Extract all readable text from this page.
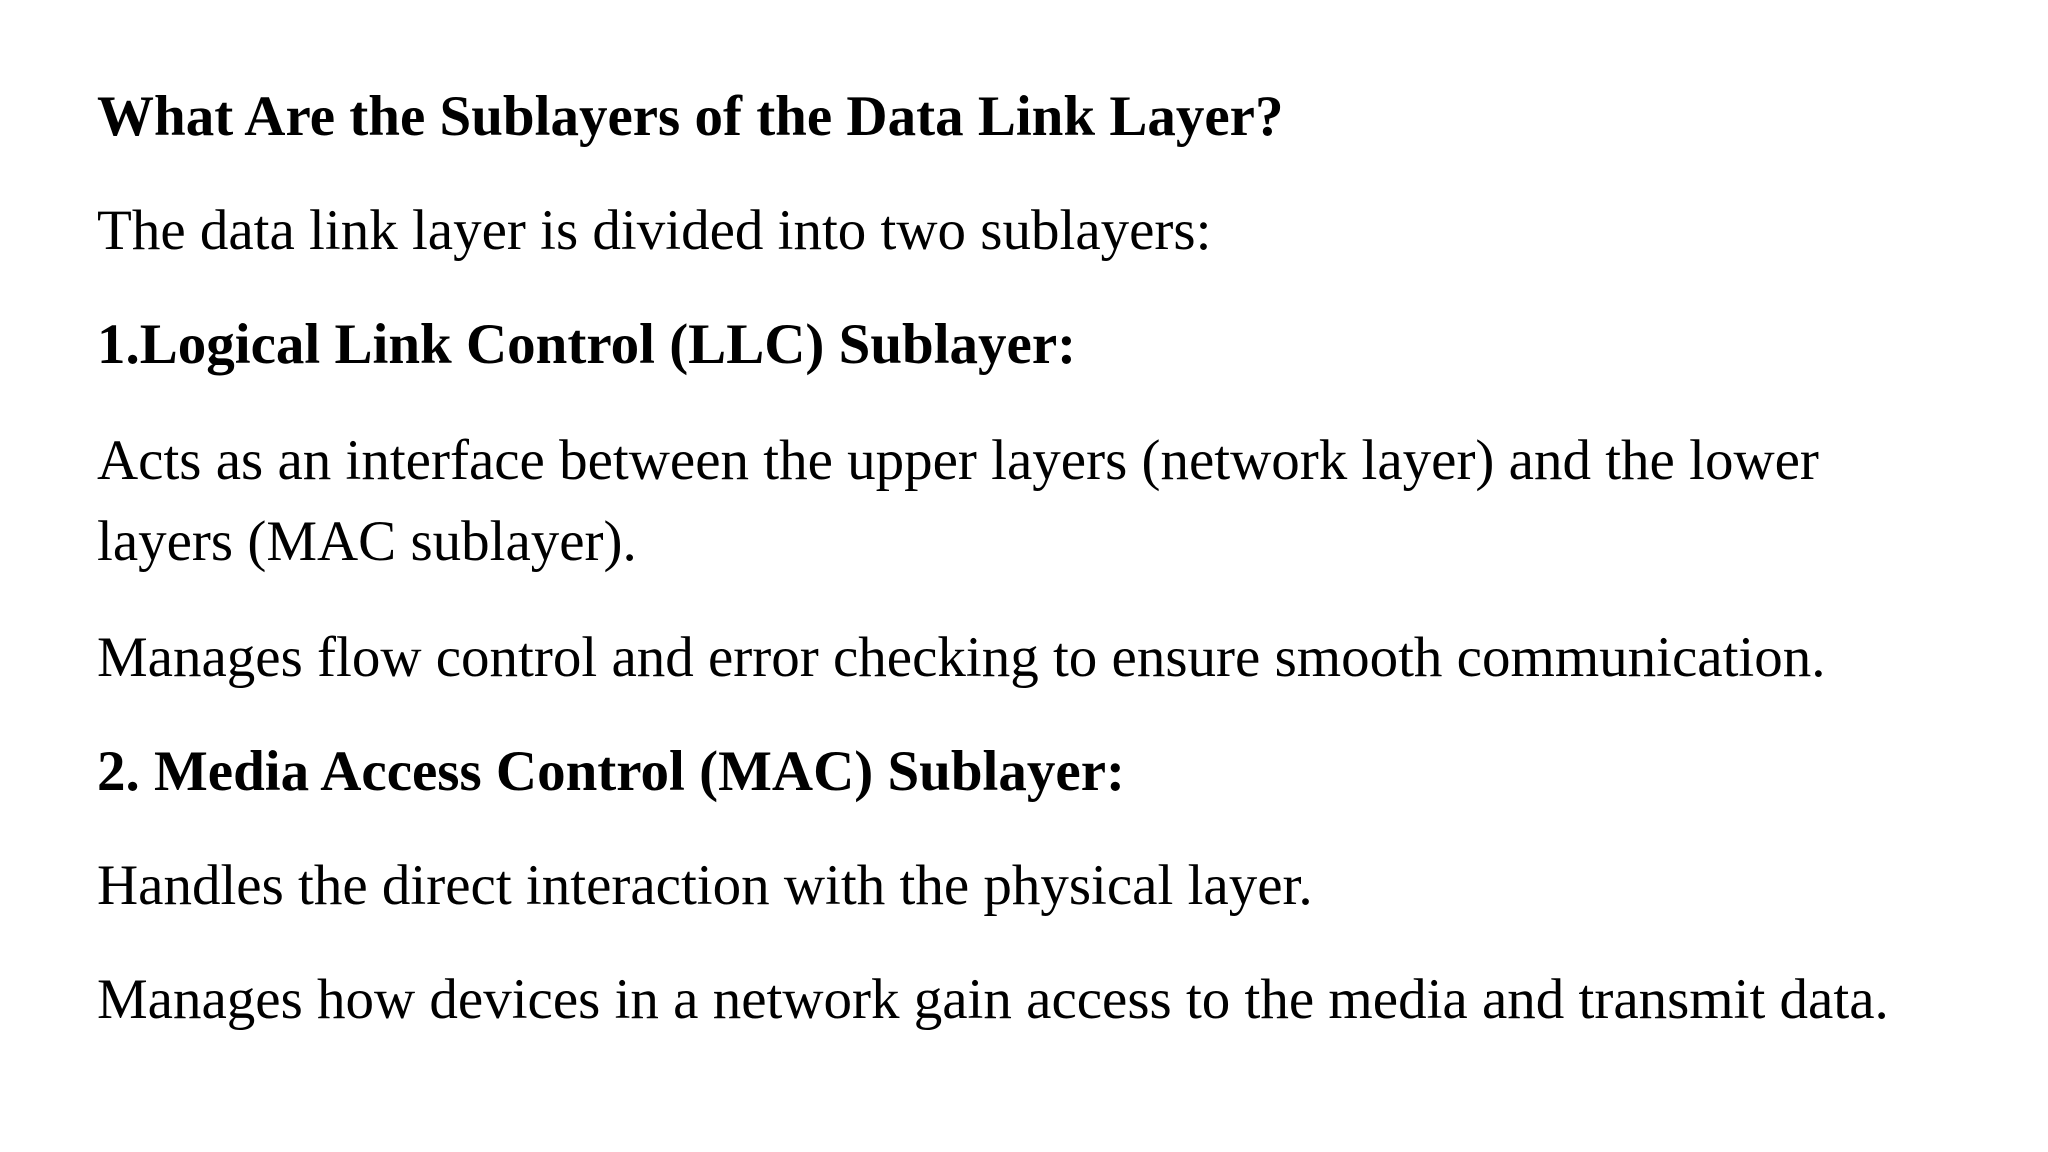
What Are the Sublayers of the Data Link Layer?
The data link layer is divided into two sublayers:
1.Logical Link Control (LLC) Sublayer:
Acts as an interface between the upper layers (network layer) and the lower layers (MAC sublayer).
Manages flow control and error checking to ensure smooth communication.
2. Media Access Control (MAC) Sublayer:
Handles the direct interaction with the physical layer.
Manages how devices in a network gain access to the media and transmit data.
